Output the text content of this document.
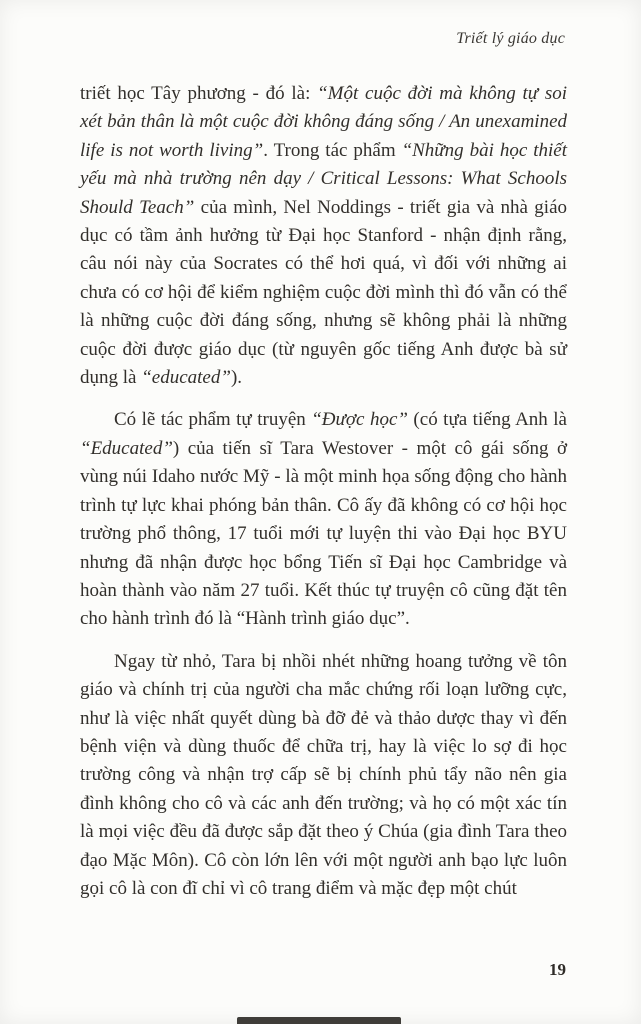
Triết lý giáo dục

triết học Tây phương - đó là: “Một cuộc đời mà không tự soi xét bản thân là một cuộc đời không đáng sống / An unexamined life is not worth living”. Trong tác phẩm “Những bài học thiết yếu mà nhà trường nên dạy / Critical Lessons: What Schools Should Teach” của mình, Nel Noddings - triết gia và nhà giáo dục có tầm ảnh hưởng từ Đại học Stanford - nhận định rằng, câu nói này của Socrates có thể hơi quá, vì đối với những ai chưa có cơ hội để kiểm nghiệm cuộc đời mình thì đó vẫn có thể là những cuộc đời đáng sống, nhưng sẽ không phải là những cuộc đời được giáo dục (từ nguyên gốc tiếng Anh được bà sử dụng là “educated”).

Có lẽ tác phẩm tự truyện “Được học” (có tựa tiếng Anh là “Educated”) của tiến sĩ Tara Westover - một cô gái sống ở vùng núi Idaho nước Mỹ - là một minh họa sống động cho hành trình tự lực khai phóng bản thân. Cô ấy đã không có cơ hội học trường phổ thông, 17 tuổi mới tự luyện thi vào Đại học BYU nhưng đã nhận được học bổng Tiến sĩ Đại học Cambridge và hoàn thành vào năm 27 tuổi. Kết thúc tự truyện cô cũng đặt tên cho hành trình đó là “Hành trình giáo dục”.

Ngay từ nhỏ, Tara bị nhồi nhét những hoang tưởng về tôn giáo và chính trị của người cha mắc chứng rối loạn lưỡng cực, như là việc nhất quyết dùng bà đỡ đẻ và thảo dược thay vì đến bệnh viện và dùng thuốc để chữa trị, hay là việc lo sợ đi học trường công và nhận trợ cấp sẽ bị chính phủ tẩy não nên gia đình không cho cô và các anh đến trường; và họ có một xác tín là mọi việc đều đã được sắp đặt theo ý Chúa (gia đình Tara theo đạo Mặc Môn). Cô còn lớn lên với một người anh bạo lực luôn gọi cô là con đĩ chỉ vì cô trang điểm và mặc đẹp một chút

19
